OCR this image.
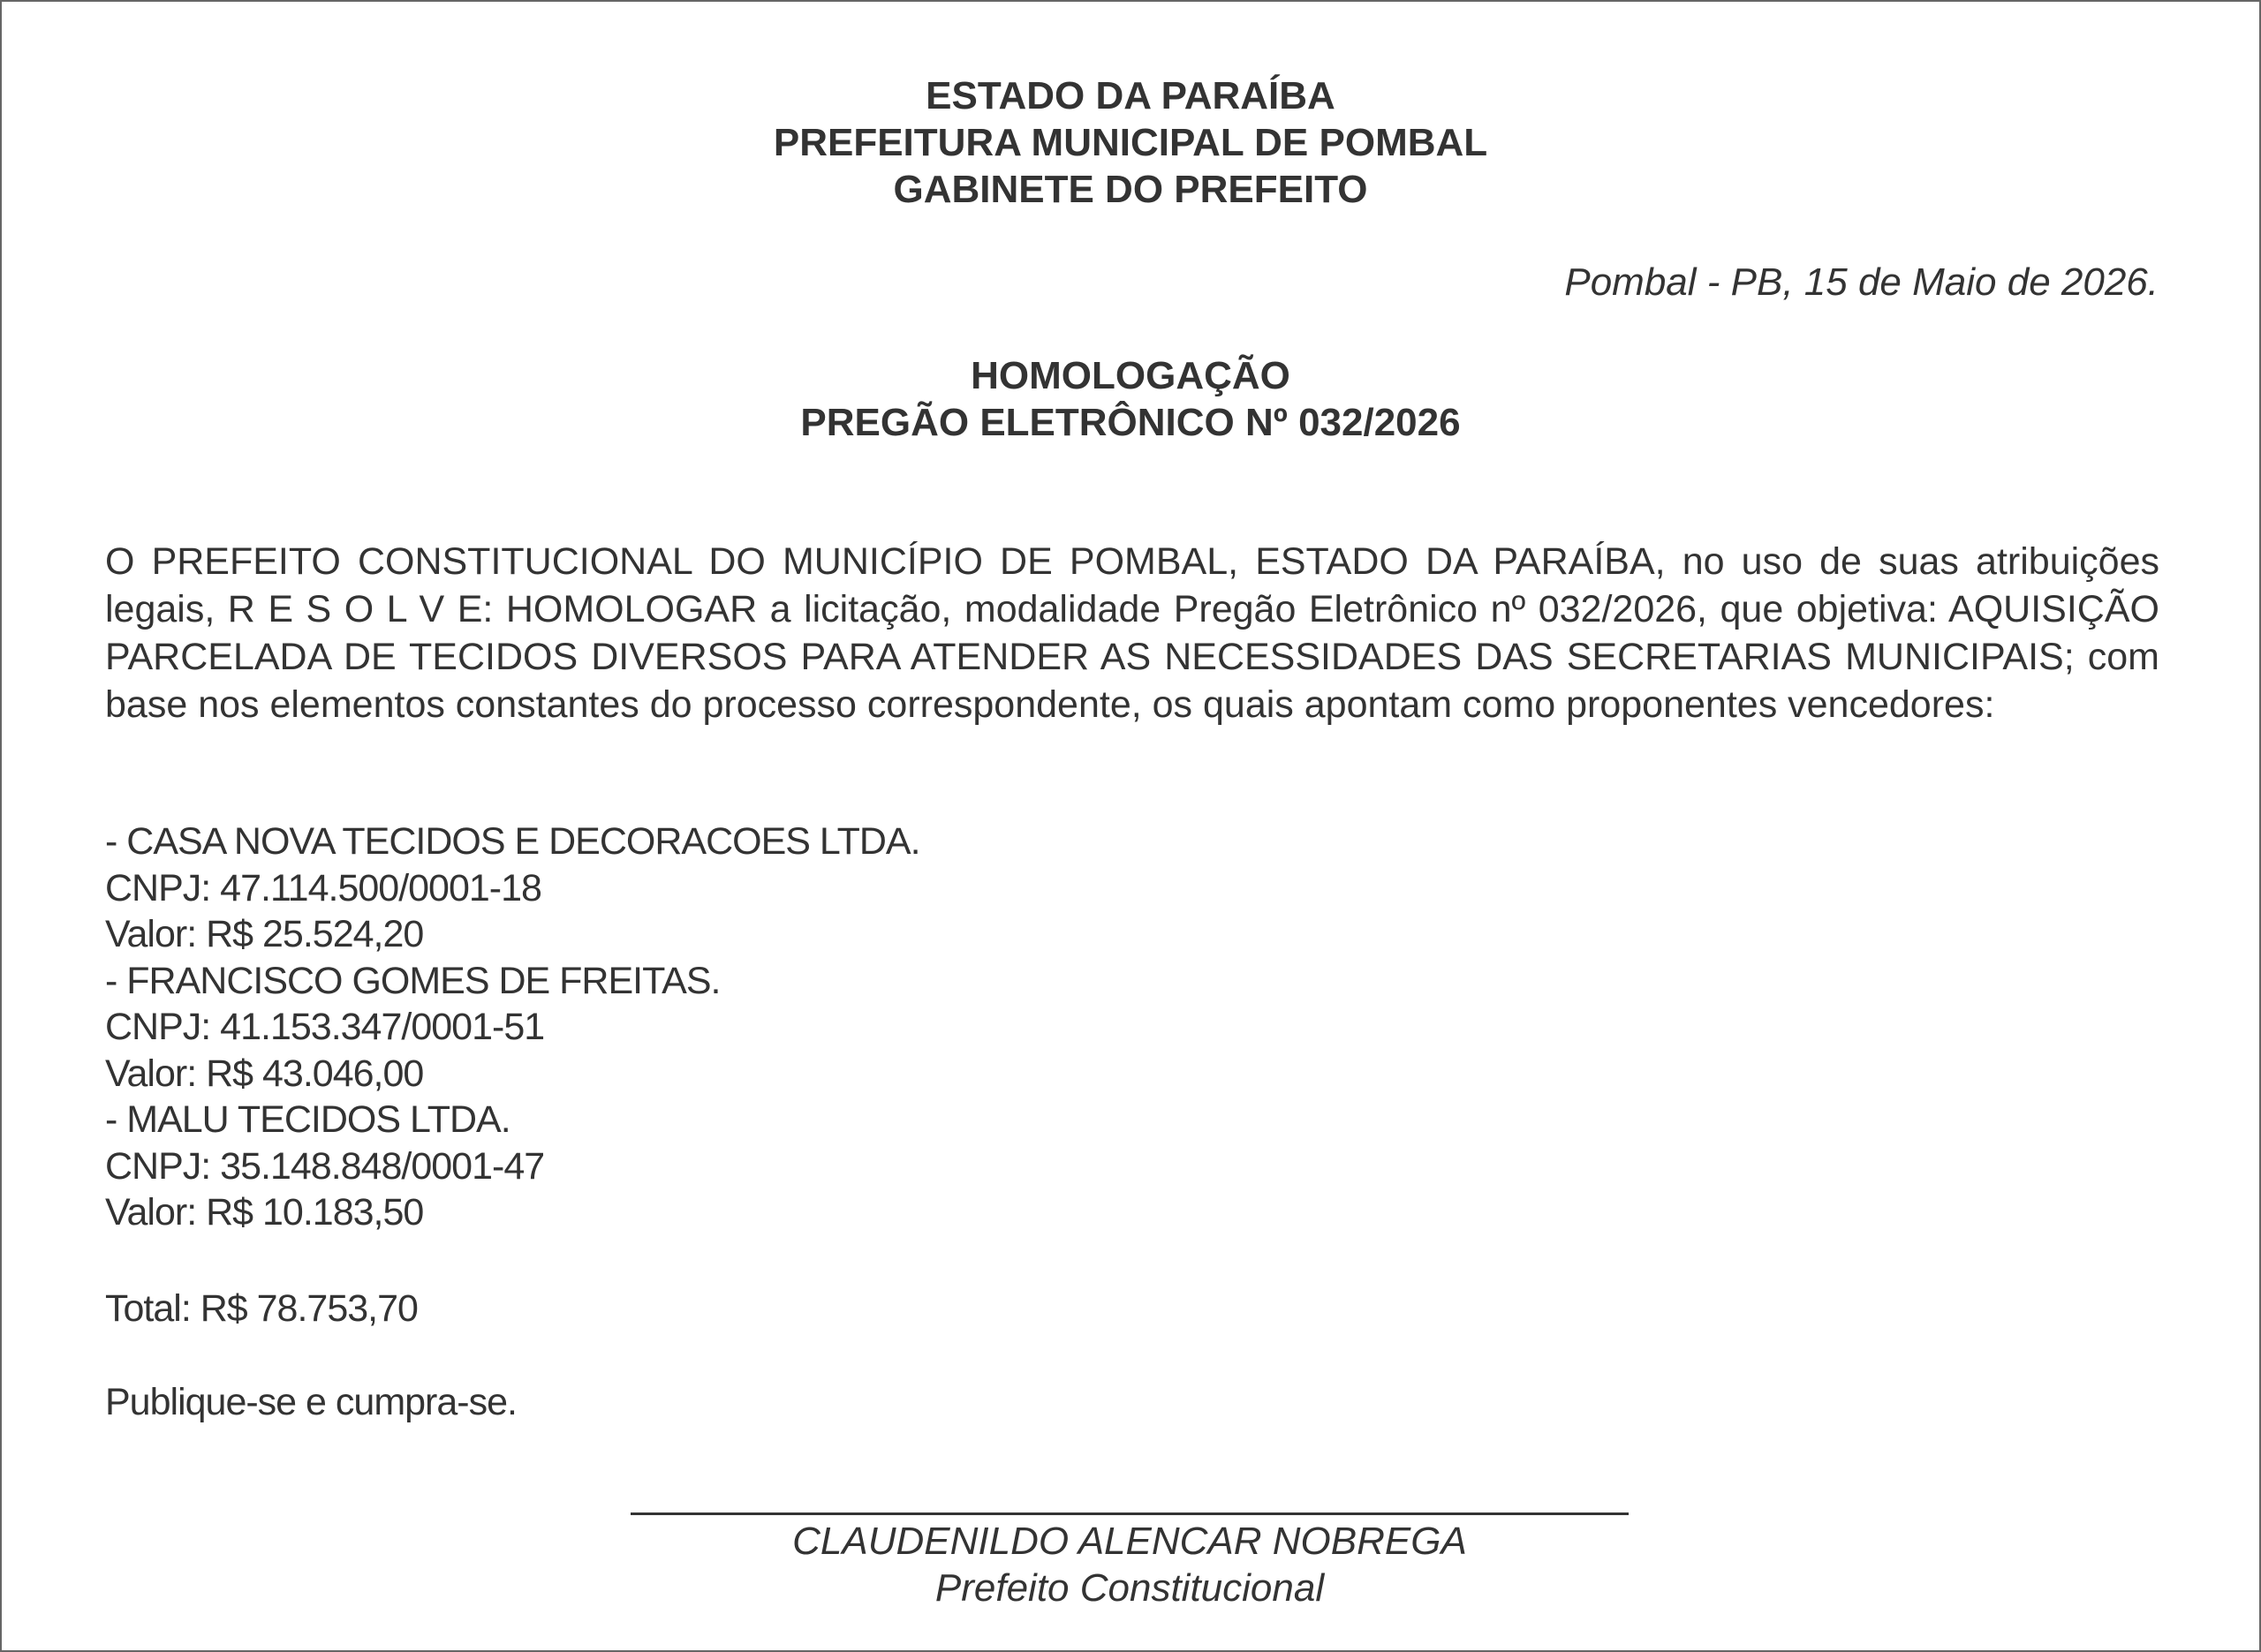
ESTADO DA PARAÍBA
PREFEITURA MUNICIPAL DE POMBAL
GABINETE DO PREFEITO
Pombal - PB, 15 de Maio de 2026.
HOMOLOGAÇÃO
PREGÃO ELETRÔNICO Nº 032/2026
O PREFEITO CONSTITUCIONAL DO MUNICÍPIO DE POMBAL, ESTADO DA PARAÍBA, no uso de suas atribuições legais, R E S O L V E: HOMOLOGAR a licitação, modalidade Pregão Eletrônico nº 032/2026, que objetiva: AQUISIÇÃO PARCELADA DE TECIDOS DIVERSOS PARA ATENDER AS NECESSIDADES DAS SECRETARIAS MUNICIPAIS; com base nos elementos constantes do processo correspondente, os quais apontam como proponentes vencedores:
- CASA NOVA TECIDOS E DECORACOES LTDA.
CNPJ: 47.114.500/0001-18
Valor: R$ 25.524,20
- FRANCISCO GOMES DE FREITAS.
CNPJ: 41.153.347/0001-51
Valor: R$ 43.046,00
- MALU TECIDOS LTDA.
CNPJ: 35.148.848/0001-47
Valor: R$ 10.183,50
Total: R$ 78.753,70
Publique-se e cumpra-se.
CLAUDENILDO ALENCAR NOBREGA
Prefeito Constitucional
